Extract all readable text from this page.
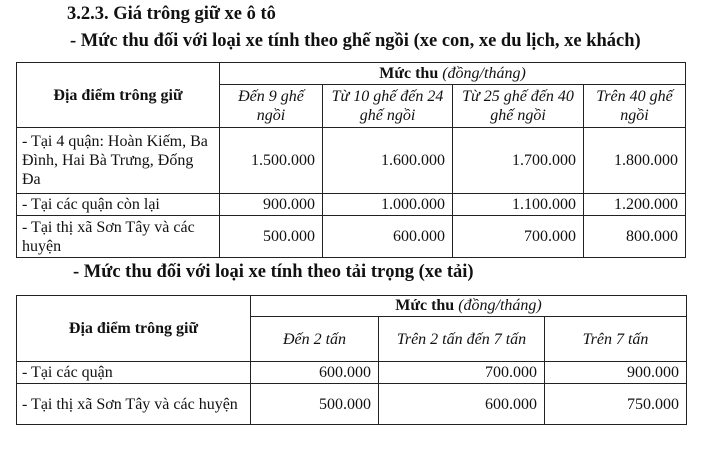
3.2.3. Giá trông giữ xe ô tô
- Mức thu đối với loại xe tính theo ghế ngồi (xe con, xe du lịch, xe khách)
Địa điểm trông giữ	Mức thu (đồng/tháng)			
	Đến 9 ghế ngồi	Từ 10 ghế đến 24 ghế ngồi	Từ 25 ghế đến 40 ghế ngồi	Trên 40 ghế ngồi
- Tại 4 quận: Hoàn Kiếm, Ba Đình, Hai Bà Trưng, Đống Đa	1.500.000	1.600.000	1.700.000	1.800.000
- Tại các quận còn lại	900.000	1.000.000	1.100.000	1.200.000
- Tại thị xã Sơn Tây và các huyện	500.000	600.000	700.000	800.000
- Mức thu đối với loại xe tính theo tải trọng (xe tải)
Địa điểm trông giữ	Mức thu (đồng/tháng)		
	Đến 2 tấn	Trên 2 tấn đến 7 tấn	Trên 7 tấn
- Tại các quận	600.000	700.000	900.000
- Tại thị xã Sơn Tây và các huyện	500.000	600.000	750.000
